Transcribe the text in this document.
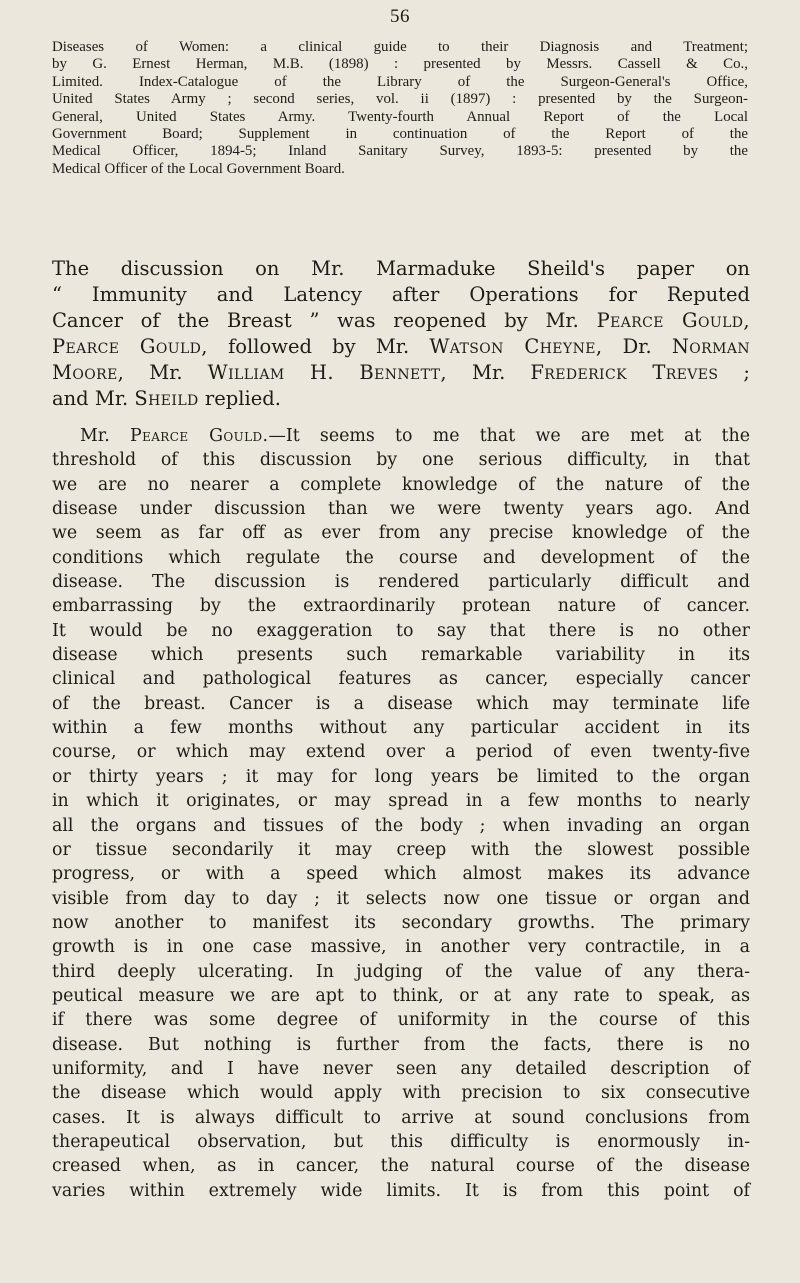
56
Diseases of Women: a clinical guide to their Diagnosis and Treatment;
by G. Ernest Herman, M.B. (1898) : presented by Messrs. Cassell & Co.,
Limited. Index-Catalogue of the Library of the Surgeon-General's Office,
United States Army ; second series, vol. ii (1897) : presented by the Surgeon-
General, United States Army. Twenty-fourth Annual Report of the Local
Government Board; Supplement in continuation of the Report of the
Medical Officer, 1894-5; Inland Sanitary Survey, 1893-5: presented by the
Medical Officer of the Local Government Board.
The discussion on Mr. Marmaduke Sheild's paper on
“ Immunity and Latency after Operations for Reputed
Cancer of the Breast ” was reopened by Mr. Pearce Gould,
Pearce Gould, followed by Mr. Watson Cheyne, Dr. Norman
Moore, Mr. William H. Bennett, Mr. Frederick Treves ;
and Mr. Sheild replied.
Mr. Pearce Gould.—It seems to me that we are met at the
threshold of this discussion by one serious difficulty, in that
we are no nearer a complete knowledge of the nature of the
disease under discussion than we were twenty years ago. And
we seem as far off as ever from any precise knowledge of the
conditions which regulate the course and development of the
disease. The discussion is rendered particularly difficult and
embarrassing by the extraordinarily protean nature of cancer.
It would be no exaggeration to say that there is no other
disease which presents such remarkable variability in its
clinical and pathological features as cancer, especially cancer
of the breast. Cancer is a disease which may terminate life
within a few months without any particular accident in its
course, or which may extend over a period of even twenty-five
or thirty years ; it may for long years be limited to the organ
in which it originates, or may spread in a few months to nearly
all the organs and tissues of the body ; when invading an organ
or tissue secondarily it may creep with the slowest possible
progress, or with a speed which almost makes its advance
visible from day to day ; it selects now one tissue or organ and
now another to manifest its secondary growths. The primary
growth is in one case massive, in another very contractile, in a
third deeply ulcerating. In judging of the value of any thera-
peutical measure we are apt to think, or at any rate to speak, as
if there was some degree of uniformity in the course of this
disease. But nothing is further from the facts, there is no
uniformity, and I have never seen any detailed description of
the disease which would apply with precision to six consecutive
cases. It is always difficult to arrive at sound conclusions from
therapeutical observation, but this difficulty is enormously in-
creased when, as in cancer, the natural course of the disease
varies within extremely wide limits. It is from this point of
